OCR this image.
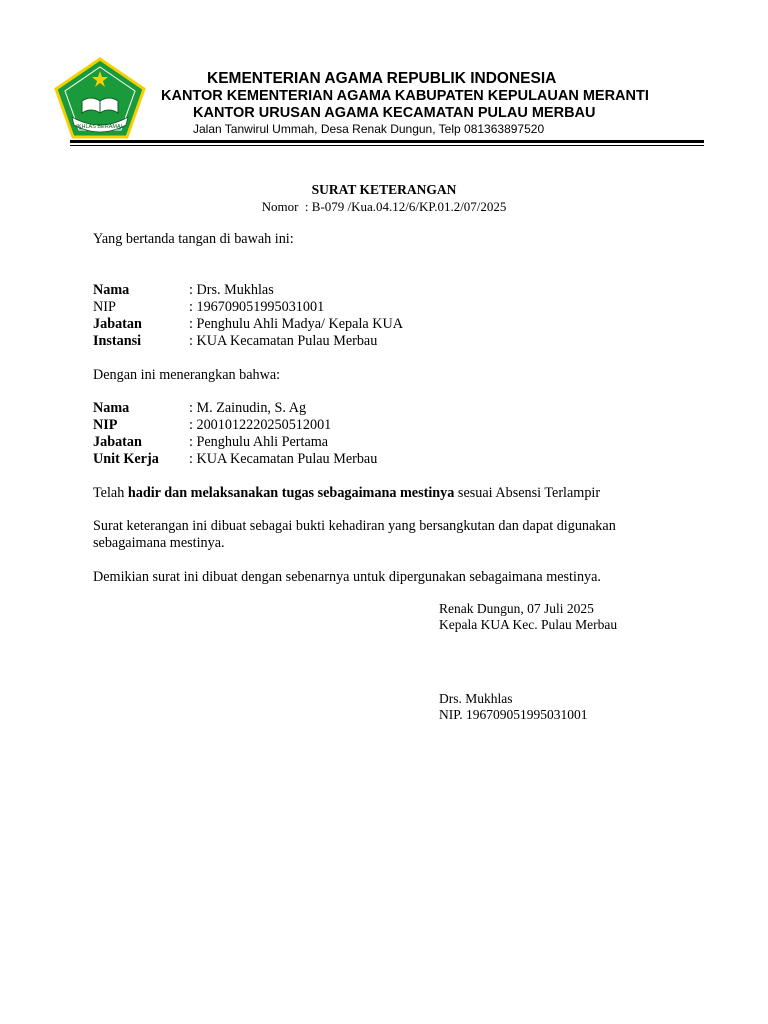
IKHLAS BERAMAL
KEMENTERIAN AGAMA REPUBLIK INDONESIA
KANTOR KEMENTERIAN AGAMA KABUPATEN KEPULAUAN MERANTI
KANTOR URUSAN AGAMA KECAMATAN PULAU MERBAU
Jalan Tanwirul Ummah, Desa Renak Dungun, Telp 081363897520
SURAT KETERANGAN
Nomor : B-079 /Kua.04.12/6/KP.01.2/07/2025
Yang bertanda tangan di bawah ini:
Nama	: Drs. Mukhlas
NIP	: 196709051995031001
Jabatan	: Penghulu Ahli Madya/ Kepala KUA
Instansi	: KUA Kecamatan Pulau Merbau
Dengan ini menerangkan bahwa:
Nama	: M. Zainudin, S. Ag
NIP	: 2001012220250512001
Jabatan	: Penghulu Ahli Pertama
Unit Kerja : KUA Kecamatan Pulau Merbau
Telah hadir dan melaksanakan tugas sebagaimana mestinya sesuai Absensi Terlampir
Surat keterangan ini dibuat sebagai bukti kehadiran yang bersangkutan dan dapat digunakan
sebagaimana mestinya.
Demikian surat ini dibuat dengan sebenarnya untuk dipergunakan sebagaimana mestinya.
Renak Dungun, 07 Juli 2025
Kepala KUA Kec. Pulau Merbau
Drs. Mukhlas
NIP. 196709051995031001
